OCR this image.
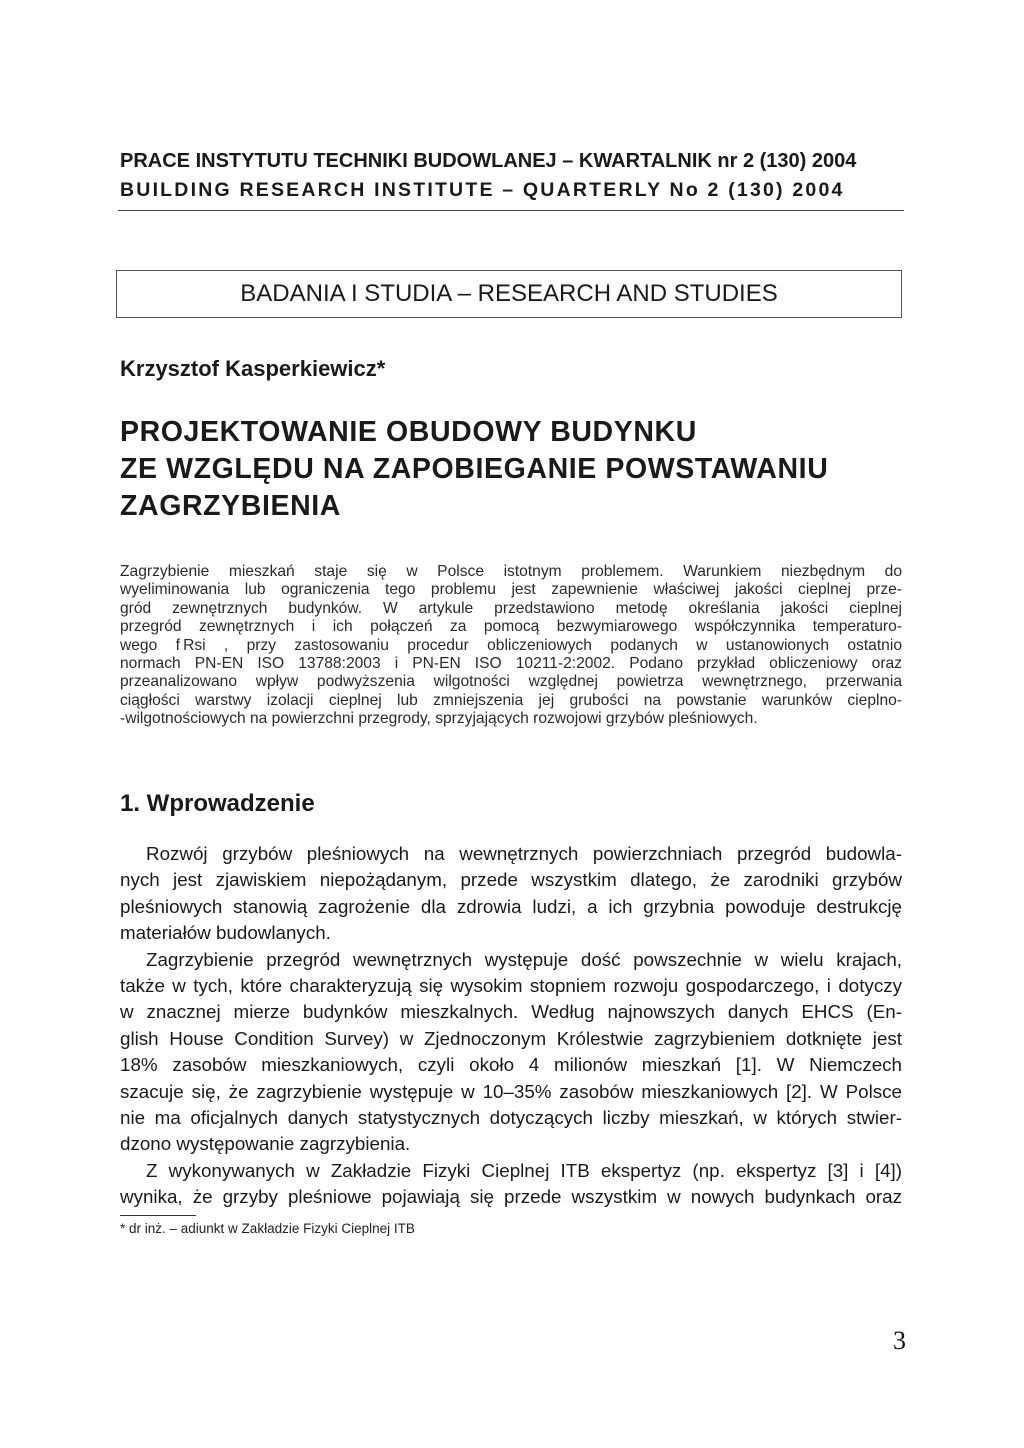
PRACE INSTYTUTU TECHNIKI BUDOWLANEJ – KWARTALNIK nr 2 (130) 2004
BUILDING RESEARCH INSTITUTE – QUARTERLY No 2 (130) 2004
BADANIA I STUDIA – RESEARCH AND STUDIES
Krzysztof Kasperkiewicz*
PROJEKTOWANIE OBUDOWY BUDYNKU
ZE WZGLĘDU NA ZAPOBIEGANIE POWSTAWANIU
ZAGRZYBIENIA
Zagrzybienie mieszkań staje się w Polsce istotnym problemem. Warunkiem niezbędnym do
wyeliminowania lub ograniczenia tego problemu jest zapewnienie właściwej jakości cieplnej prze-
gród zewnętrznych budynków. W artykule przedstawiono metodę określania jakości cieplnej
przegród zewnętrznych i ich połączeń za pomocą bezwymiarowego współczynnika temperaturo-
wego f Rsi , przy zastosowaniu procedur obliczeniowych podanych w ustanowionych ostatnio
normach PN-EN ISO 13788:2003 i PN-EN ISO 10211-2:2002. Podano przykład obliczeniowy oraz
przeanalizowano wpływ podwyższenia wilgotności względnej powietrza wewnętrznego, przerwania
ciągłości warstwy izolacji cieplnej lub zmniejszenia jej grubości na powstanie warunków cieplno-
-wilgotnościowych na powierzchni przegrody, sprzyjających rozwojowi grzybów pleśniowych.
1. Wprowadzenie
Rozwój grzybów pleśniowych na wewnętrznych powierzchniach przegród budowla-
nych jest zjawiskiem niepożądanym, przede wszystkim dlatego, że zarodniki grzybów
pleśniowych stanowią zagrożenie dla zdrowia ludzi, a ich grzybnia powoduje destrukcję
materiałów budowlanych.
Zagrzybienie przegród wewnętrznych występuje dość powszechnie w wielu krajach,
także w tych, które charakteryzują się wysokim stopniem rozwoju gospodarczego, i dotyczy
w znacznej mierze budynków mieszkalnych. Według najnowszych danych EHCS (En-
glish House Condition Survey) w Zjednoczonym Królestwie zagrzybieniem dotknięte jest
18% zasobów mieszkaniowych, czyli około 4 milionów mieszkań [1]. W Niemczech
szacuje się, że zagrzybienie występuje w 10–35% zasobów mieszkaniowych [2]. W Polsce
nie ma oficjalnych danych statystycznych dotyczących liczby mieszkań, w których stwier-
dzono występowanie zagrzybienia.
Z wykonywanych w Zakładzie Fizyki Cieplnej ITB ekspertyz (np. ekspertyz [3] i [4])
wynika, że grzyby pleśniowe pojawiają się przede wszystkim w nowych budynkach oraz
* dr inż. – adiunkt w Zakładzie Fizyki Cieplnej ITB
3
